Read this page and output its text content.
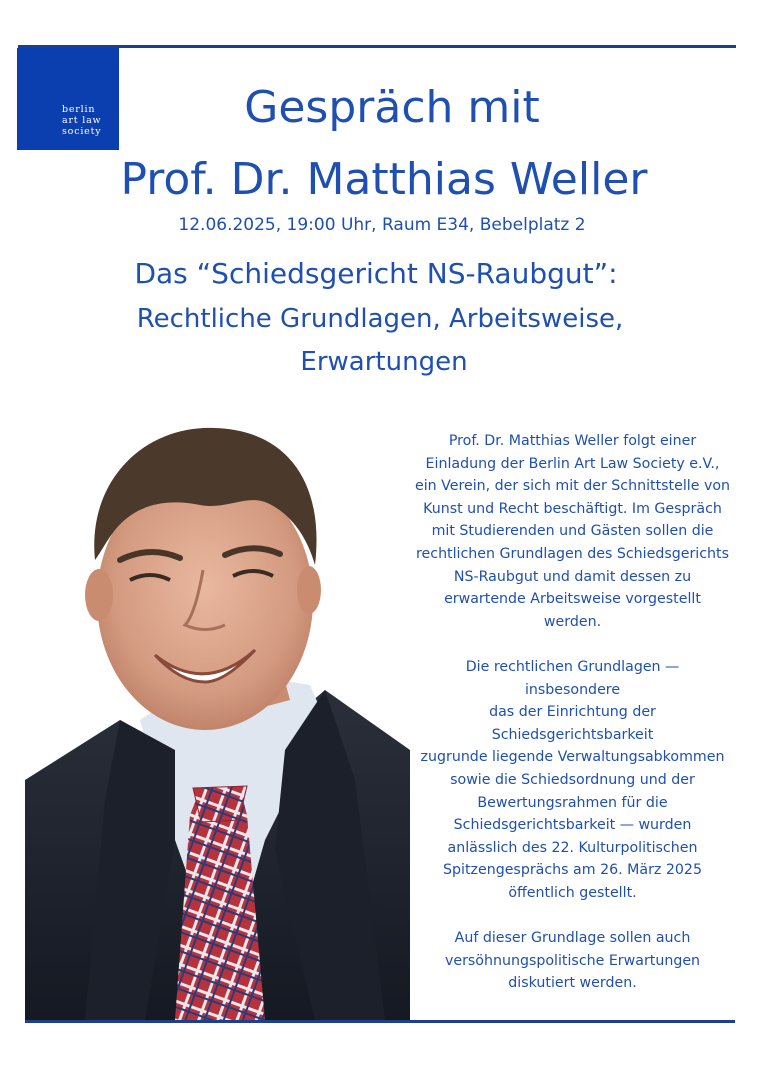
berlin
art law
society	Gespräch mit
Prof. Dr. Matthias Weller
12.06.2025, 19:00 Uhr, Raum E34, Bebelplatz 2
Das “Schiedsgericht NS-Raubgut”:
Rechtliche Grundlagen, Arbeitsweise,
Erwartungen

Prof. Dr. Matthias Weller folgt einer
Einladung der Berlin Art Law Society e.V.,
ein Verein, der sich mit der Schnittstelle von
Kunst und Recht beschäftigt. Im Gespräch
mit Studierenden und Gästen sollen die
rechtlichen Grundlagen des Schiedsgerichts
NS-Raubgut und damit dessen zu
erwartende Arbeitsweise vorgestellt
werden.

Die rechtlichen Grundlagen —
insbesondere
das der Einrichtung der
Schiedsgerichtsbarkeit
zugrunde liegende Verwaltungsabkommen
sowie die Schiedsordnung und der
Bewertungsrahmen für die
Schiedsgerichtsbarkeit — wurden
anlässlich des 22. Kulturpolitischen
Spitzengesprächs am 26. März 2025
öffentlich gestellt.

Auf dieser Grundlage sollen auch
versöhnungspolitische Erwartungen
diskutiert werden.
